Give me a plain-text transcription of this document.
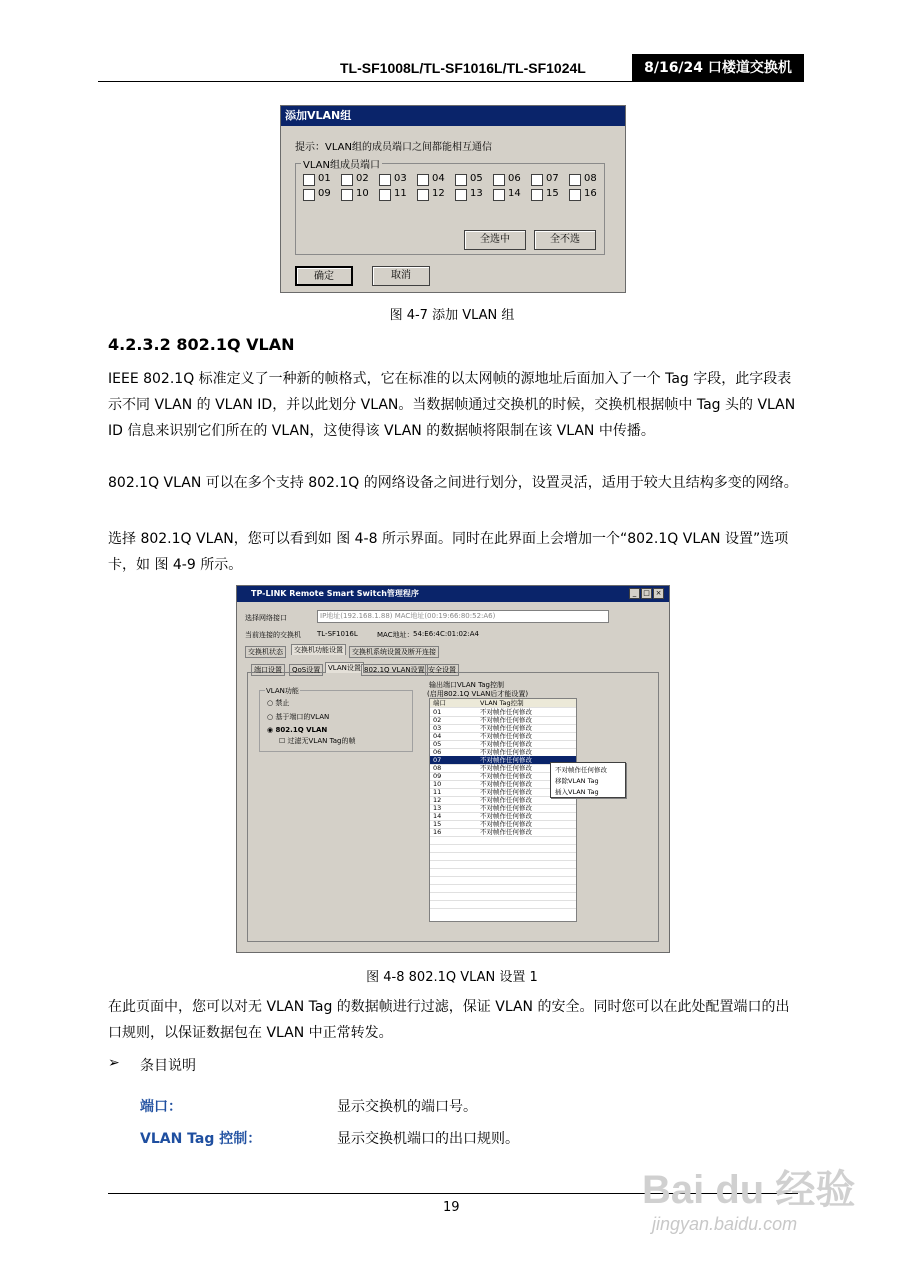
TL-SF1008L/TL-SF1016L/TL-SF1024L	8/16/24 口楼道交换机
添加VLAN组
提示：VLAN组的成员端口之间都能相互通信
VLAN组成员端口
全选中	全不选
确定	取消
01	02	03	04	05	06	07	08
09	10	11	12	13	14	15	16
图 4-7 添加 VLAN 组
4.2.3.2 802.1Q VLAN
IEEE 802.1Q 标准定义了一种新的帧格式，它在标准的以太网帧的源地址后面加入了一个 Tag 字段，此字段表示不同 VLAN 的 VLAN ID，并以此划分 VLAN。当数据帧通过交换机的时候，交换机根据帧中 Tag 头的 VLAN ID 信息来识别它们所在的 VLAN，这使得该 VLAN 的数据帧将限制在该 VLAN 中传播。
802.1Q VLAN 可以在多个支持 802.1Q 的网络设备之间进行划分，设置灵活，适用于较大且结构多变的网络。
选择 802.1Q VLAN，您可以看到如 图 4-8 所示界面。同时在此界面上会增加一个“802.1Q VLAN 设置”选项卡，如 图 4-9 所示。
TP-LINK Remote Smart Switch管理程序	_ □ ×
选择网络接口	IP地址(192.168.1.88) MAC地址(00:19:66:80:52:A6)
当前连接的交换机 TL-SF1016L	MAC地址： 54:E6:4C:01:02:A4
交换机状态	交换机功能设置	交换机系统设置及断开连接
端口设置	QoS设置	VLAN设置 802.1Q VLAN设置 安全设置
VLAN功能
○ 禁止
○ 基于端口的VLAN
◉ 802.1Q VLAN
☐ 过滤无VLAN Tag的帧
输出端口VLAN Tag控制
(启用802.1Q VLAN后才能设置)
端口	VLAN Tag控制
01	不对帧作任何修改
02	不对帧作任何修改
03	不对帧作任何修改
04	不对帧作任何修改
05	不对帧作任何修改
06	不对帧作任何修改
07	不对帧作任何修改
08	不对帧作任何修改
09	不对帧作任何修改
10	不对帧作任何修改
11	不对帧作任何修改
12	不对帧作任何修改
13	不对帧作任何修改
14	不对帧作任何修改
15	不对帧作任何修改
16	不对帧作任何修改
不对帧作任何修改
移除VLAN Tag
插入VLAN Tag
图 4-8 802.1Q VLAN 设置 1
在此页面中，您可以对无 VLAN Tag 的数据帧进行过滤，保证 VLAN 的安全。同时您可以在此处配置端口的出口规则，以保证数据包在 VLAN 中正常转发。
➢ 条目说明
端口：	显示交换机的端口号。
VLAN Tag 控制：	显示交换机端口的出口规则。
19	Bai du 经验
jingyan.baidu.com
